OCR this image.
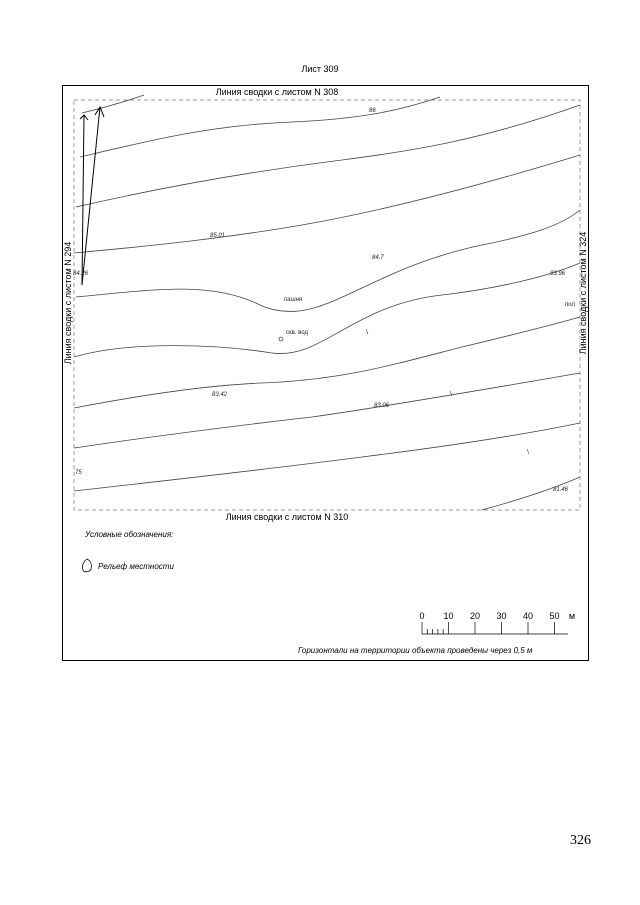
Лист 309
Линия сводки с листом N 308
Линия сводки с листом N 310
Линия сводки с листом N 294	Линия сводки с листом N 324
86
85.01
84.7
83.96
84.26
83.42
83.06
81.46
75
пашня
скв. вод
пол
Условные обозначения:
Рельеф местности
0 10 20 30 40 50 м
Горизонтали на территории объекта проведены через 0,5 м
326
